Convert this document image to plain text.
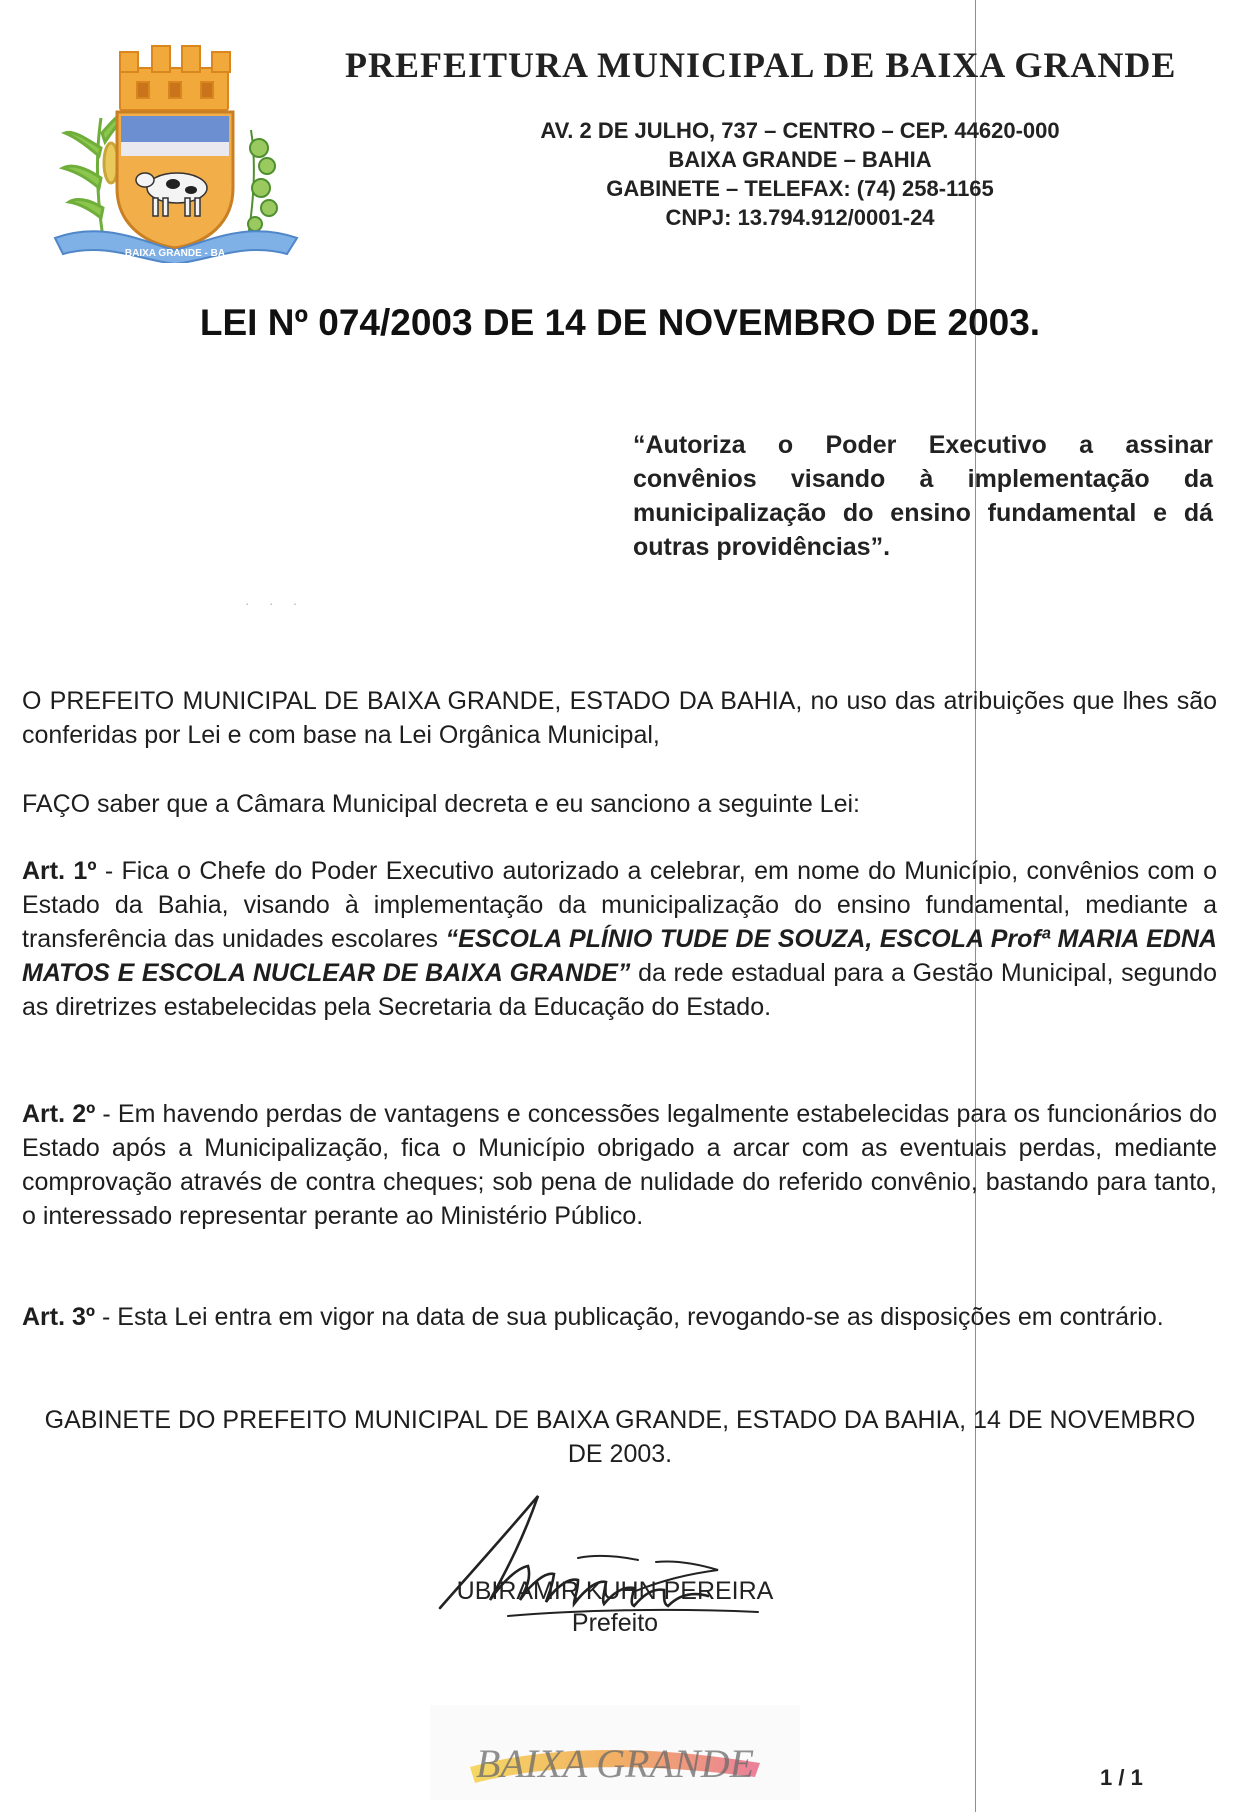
BAIXA GRANDE - BA
PREFEITURA MUNICIPAL DE BAIXA GRANDE
AV. 2 DE JULHO, 737 – CENTRO – CEP. 44620-000
BAIXA GRANDE – BAHIA
GABINETE – TELEFAX: (74) 258-1165
CNPJ: 13.794.912/0001-24
LEI Nº 074/2003 DE 14 DE NOVEMBRO DE 2003.
“Autoriza o Poder Executivo a assinar convênios visando à implementação da municipalização do ensino fundamental e dá outras providências”.
· · ·
O PREFEITO MUNICIPAL DE BAIXA GRANDE, ESTADO DA BAHIA, no uso das atribuições que lhes são conferidas por Lei e com base na Lei Orgânica Municipal,
FAÇO saber que a Câmara Municipal decreta e eu sanciono a seguinte Lei:
Art. 1º - Fica o Chefe do Poder Executivo autorizado a celebrar, em nome do Município, convênios com o Estado da Bahia, visando à implementação da municipalização do ensino fundamental, mediante a transferência das unidades escolares “ESCOLA PLÍNIO TUDE DE SOUZA, ESCOLA Profª MARIA EDNA MATOS E ESCOLA NUCLEAR DE BAIXA GRANDE” da rede estadual para a Gestão Municipal, segundo as diretrizes estabelecidas pela Secretaria da Educação do Estado.
Art. 2º - Em havendo perdas de vantagens e concessões legalmente estabelecidas para os funcionários do Estado após a Municipalização, fica o Município obrigado a arcar com as eventuais perdas, mediante comprovação através de contra cheques; sob pena de nulidade do referido convênio, bastando para tanto, o interessado representar perante ao Ministério Público.
Art. 3º - Esta Lei entra em vigor na data de sua publicação, revogando-se as disposições em contrário.
GABINETE DO PREFEITO MUNICIPAL DE BAIXA GRANDE, ESTADO DA BAHIA, 14 DE NOVEMBRO DE 2003.
UBIRAMIR KUHN PEREIRA
Prefeito
BAIXA GRANDE	1 / 1
